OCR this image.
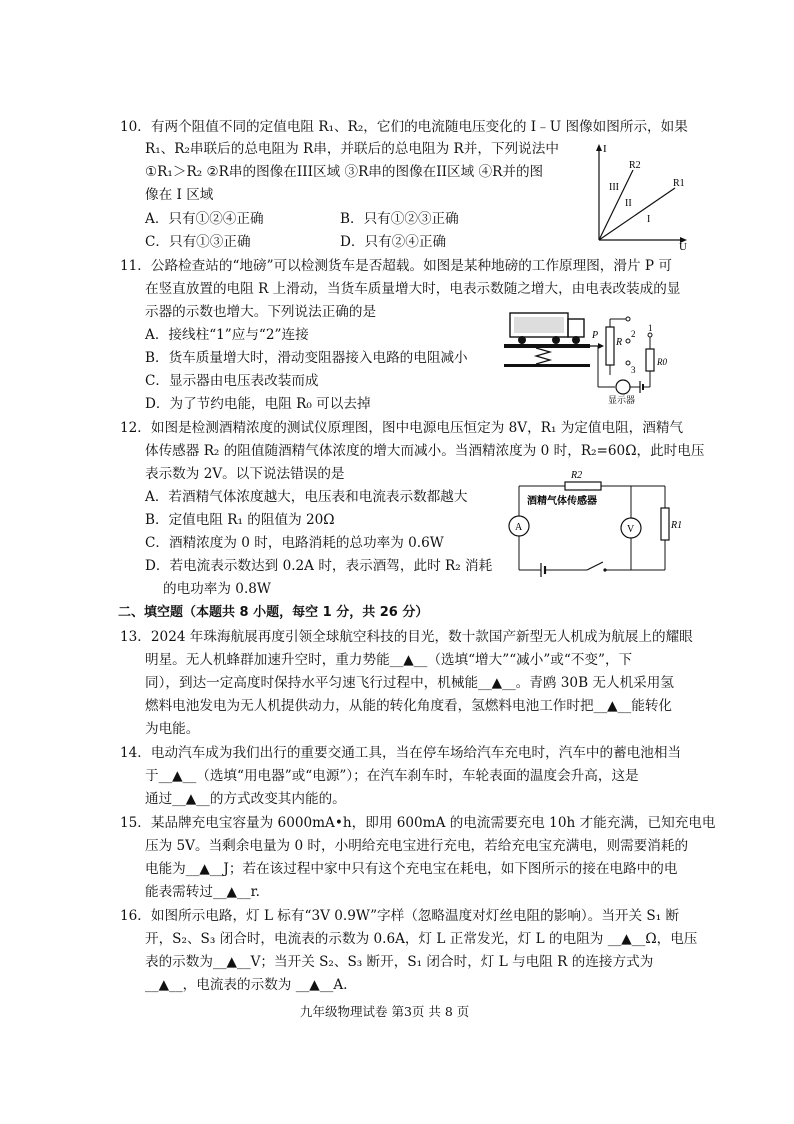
10．有两个阻值不同的定值电阻 R₁、R₂，它们的电流随电压变化的 I﹣U 图像如图所示，如果
R₁、R₂串联后的总电阻为 R串，并联后的总电阻为 R并，下列说法中
①R₁＞R₂ ②R串的图像在III区域 ③R串的图像在II区域 ④R并的图
像在 I 区域
A．只有①②④正确	B．只有①②③正确
C．只有①③正确	D．只有②④正确
I
U
R2
R1
III
II
I
11．公路检查站的“地磅”可以检测货车是否超载。如图是某种地磅的工作原理图，滑片 P 可
在竖直放置的电阻 R 上滑动，当货车质量增大时，电表示数随之增大，由电表改装成的显
示器的示数也增大。下列说法正确的是
A．接线柱“1”应与“2”连接
B．货车质量增大时，滑动变阻器接入电路的电阻减小
C．显示器由电压表改装而成
D．为了节约电能，电阻 R₀ 可以去掉
P
R
1
2
3
R0
显示器
12．如图是检测酒精浓度的测试仪原理图，图中电源电压恒定为 8V，R₁ 为定值电阻，酒精气
体传感器 R₂ 的阻值随酒精气体浓度的增大而减小。当酒精浓度为 0 时，R₂=60Ω，此时电压
表示数为 2V。以下说法错误的是
A．若酒精气体浓度越大，电压表和电流表示数都越大
B．定值电阻 R₁ 的阻值为 20Ω
C．酒精浓度为 0 时，电路消耗的总功率为 0.6W
D．若电流表示数达到 0.2A 时，表示酒驾，此时 R₂ 消耗
的电功率为 0.8W
R2
酒精气体传感器
A	V	R1
二、填空题（本题共 8 小题，每空 1 分，共 26 分）
13．2024 年珠海航展再度引领全球航空科技的目光，数十款国产新型无人机成为航展上的耀眼
明星。无人机蜂群加速升空时，重力势能__▲__（选填“增大”“减小”或“不变”，下
同），到达一定高度时保持水平匀速飞行过程中，机械能__▲__。青鸥 30B 无人机采用氢
燃料电池发电为无人机提供动力，从能的转化角度看，氢燃料电池工作时把__▲__能转化
为电能。
14．电动汽车成为我们出行的重要交通工具，当在停车场给汽车充电时，汽车中的蓄电池相当
于__▲__（选填“用电器”或“电源”）；在汽车刹车时，车轮表面的温度会升高，这是
通过__▲__的方式改变其内能的。
15．某品牌充电宝容量为 6000mA•h，即用 600mA 的电流需要充电 10h 才能充满，已知充电电
压为 5V。当剩余电量为 0 时，小明给充电宝进行充电，若给充电宝充满电，则需要消耗的
电能为__▲__J；若在该过程中家中只有这个充电宝在耗电，如下图所示的接在电路中的电
能表需转过__▲__r.
16．如图所示电路，灯 L 标有“3V 0.9W”字样（忽略温度对灯丝电阻的影响）。当开关 S₁ 断
开，S₂、S₃ 闭合时，电流表的示数为 0.6A，灯 L 正常发光，灯 L 的电阻为 __▲__Ω，电压
表的示数为__▲__V；当开关 S₂、S₃ 断开，S₁ 闭合时，灯 L 与电阻 R 的连接方式为
__▲__，电流表的示数为 __▲__A.
九年级物理试卷 第3页 共 8 页
